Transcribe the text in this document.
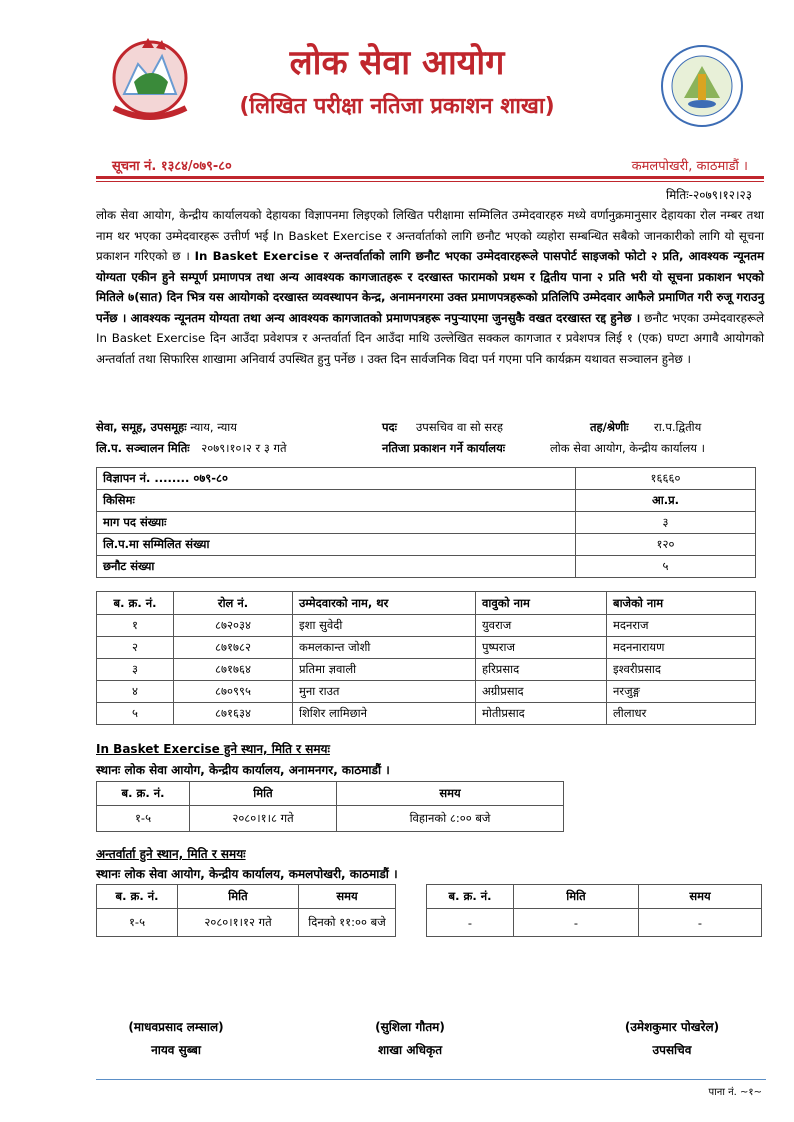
लोक सेवा आयोग
(लिखित परीक्षा नतिजा प्रकाशन शाखा)
सूचना नं. १३८४/०७९-८०	कमलपोखरी, काठमाडौं ।
मितिः-२०७९।१२।२३
लोक सेवा आयोग, केन्द्रीय कार्यालयको देहायका विज्ञापनमा लिइएको लिखित परीक्षामा सम्मिलित उम्मेदवारहरु मध्ये वर्णानुक्रमानुसार देहायका रोल नम्बर तथा नाम थर भएका उम्मेदवारहरू उत्तीर्ण भई In Basket Exercise र अन्तर्वार्ताको लागि छनौट भएको व्यहोरा सम्बन्धित सबैको जानकारीको लागि यो सूचना प्रकाशन गरिएको छ । In Basket Exercise र अन्तर्वार्ताको लागि छनौट भएका उम्मेदवारहरूले पासपोर्ट साइजको फोटो २ प्रति, आवश्यक न्यूनतम योग्यता एकीन हुने सम्पूर्ण प्रमाणपत्र तथा अन्य आवश्यक कागजातहरू र दरखास्त फारामको प्रथम र द्वितीय पाना २ प्रति भरी यो सूचना प्रकाशन भएको मितिले ७(सात) दिन भित्र यस आयोगको दरखास्त व्यवस्थापन केन्द्र, अनामनगरमा उक्त प्रमाणपत्रहरूको प्रतिलिपि उम्मेदवार आफैले प्रमाणित गरी रुजू गराउनु पर्नेछ । आवश्यक न्यूनतम योग्यता तथा अन्य आवश्यक कागजातको प्रमाणपत्रहरू नपुऱ्याएमा जुनसुकै वखत दरखास्त रद्द हुनेछ । छनौट भएका उम्मेदवारहरूले In Basket Exercise दिन आउँदा प्रवेशपत्र र अन्तर्वार्ता दिन आउँदा माथि उल्लेखित सक्कल कागजात र प्रवेशपत्र लिई १ (एक) घण्टा अगावै आयोगको अन्तर्वार्ता तथा सिफारिस शाखामा अनिवार्य उपस्थित हुनु पर्नेछ । उक्त दिन सार्वजनिक विदा पर्न गएमा पनि कार्यक्रम यथावत सञ्चालन हुनेछ ।
सेवा, समूह, उपसमूहः न्याय, न्याय	पदः उपसचिव वा सो सरह	तह/श्रेणीः रा.प.द्वितीय
लि.प. सञ्चालन मितिः २०७९।१०।२ र ३ गते	नतिजा प्रकाशन गर्ने कार्यालयः	लोक सेवा आयोग, केन्द्रीय कार्यालय ।
विज्ञापन नं. ........ ०७९-८०	१६६६०
किसिमः	आ.प्र.
माग पद संख्याः	३
लि.प.मा सम्मिलित संख्या	१२०
छनौट संख्या	५
ब. क्र. नं.	रोल नं.	उम्मेदवारको नाम, थर	वावुको नाम	बाजेको नाम
१	८७२०३४	इशा सुवेदी	युवराज	मदनराज
२	८७१७८२	कमलकान्त जोशी	पुष्पराज	मदननारायण
३	८७१७६४	प्रतिमा ज्ञवाली	हरिप्रसाद	इश्वरीप्रसाद
४	८७०९९५	मुना राउत	अग्रीप्रसाद	नरजुङ्ग
५	८७१६३४	शिशिर लामिछाने	मोतीप्रसाद	लीलाधर
In Basket Exercise हुने स्थान, मिति र समयः
स्थानः लोक सेवा आयोग, केन्द्रीय कार्यालय, अनामनगर, काठमाडौं ।
ब. क्र. नं.	मिति	समय
१-५	२०८०।१।८ गते	विहानको ८:०० बजे
अन्तर्वार्ता हुने स्थान, मिति र समयः
स्थानः लोक सेवा आयोग, केन्द्रीय कार्यालय, कमलपोखरी, काठमाडौं ।
ब. क्र. नं.	मिति	समय
१-५	२०८०।१।१२ गते	दिनको ११:०० बजे
ब. क्र. नं.	मिति	समय
-	-	-
(माधवप्रसाद लम्साल)
नायव सुब्बा
(सुशिला गौतम)
शाखा अधिकृत
(उमेशकुमार पोखरेल)
उपसचिव
पाना नं. ~१~
